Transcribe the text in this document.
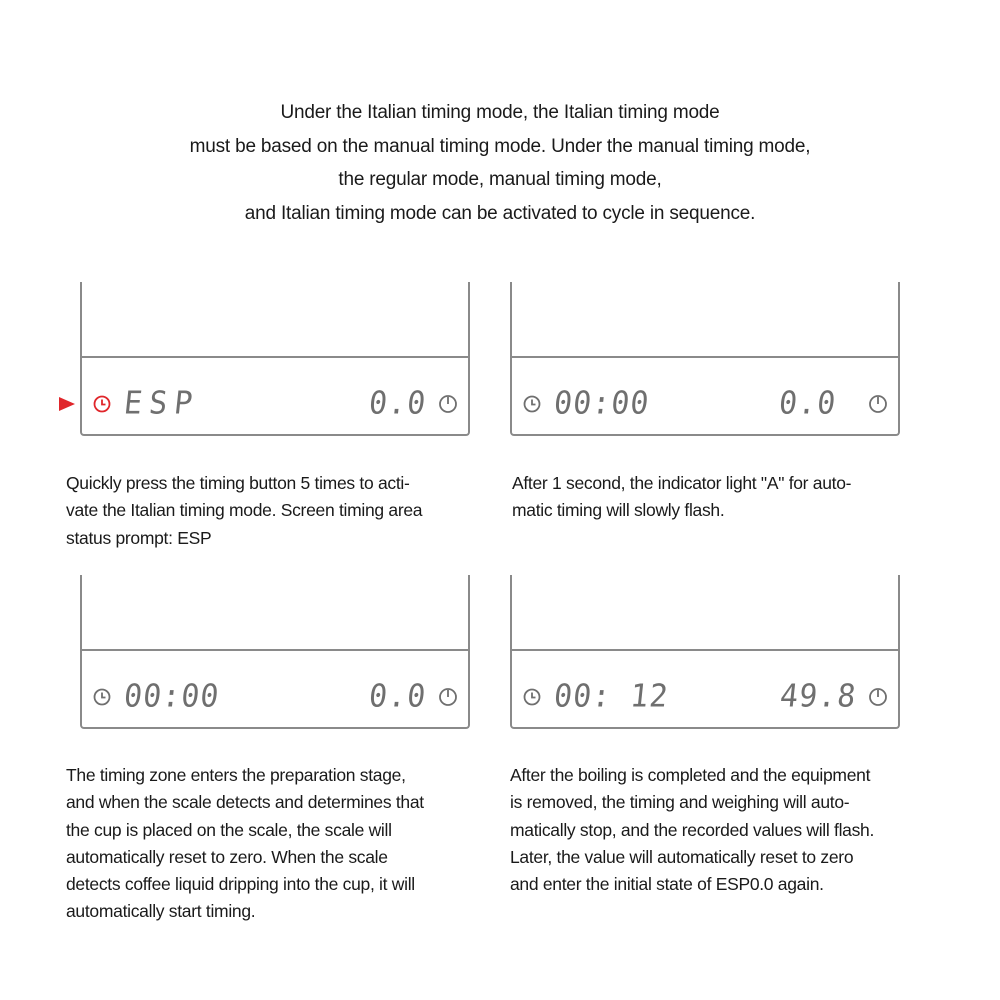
Under the Italian timing mode, the Italian timing mode
must be based on the manual timing mode. Under the manual timing mode,
the regular mode, manual timing mode,
and Italian timing mode can be activated to cycle in sequence.
ESP	0.0	00:00	0.0
00:00	0.0	00: 12	49.8
Quickly press the timing button 5 times to acti-
vate the Italian timing mode. Screen timing area
status prompt: ESP
After 1 second, the indicator light "A" for auto-
matic timing will slowly flash.
The timing zone enters the preparation stage,
and when the scale detects and determines that
the cup is placed on the scale, the scale will
automatically reset to zero. When the scale
detects coffee liquid dripping into the cup, it will
automatically start timing.
After the boiling is completed and the equipment
is removed, the timing and weighing will auto-
matically stop, and the recorded values will flash.
Later, the value will automatically reset to zero
and enter the initial state of ESP0.0 again.
